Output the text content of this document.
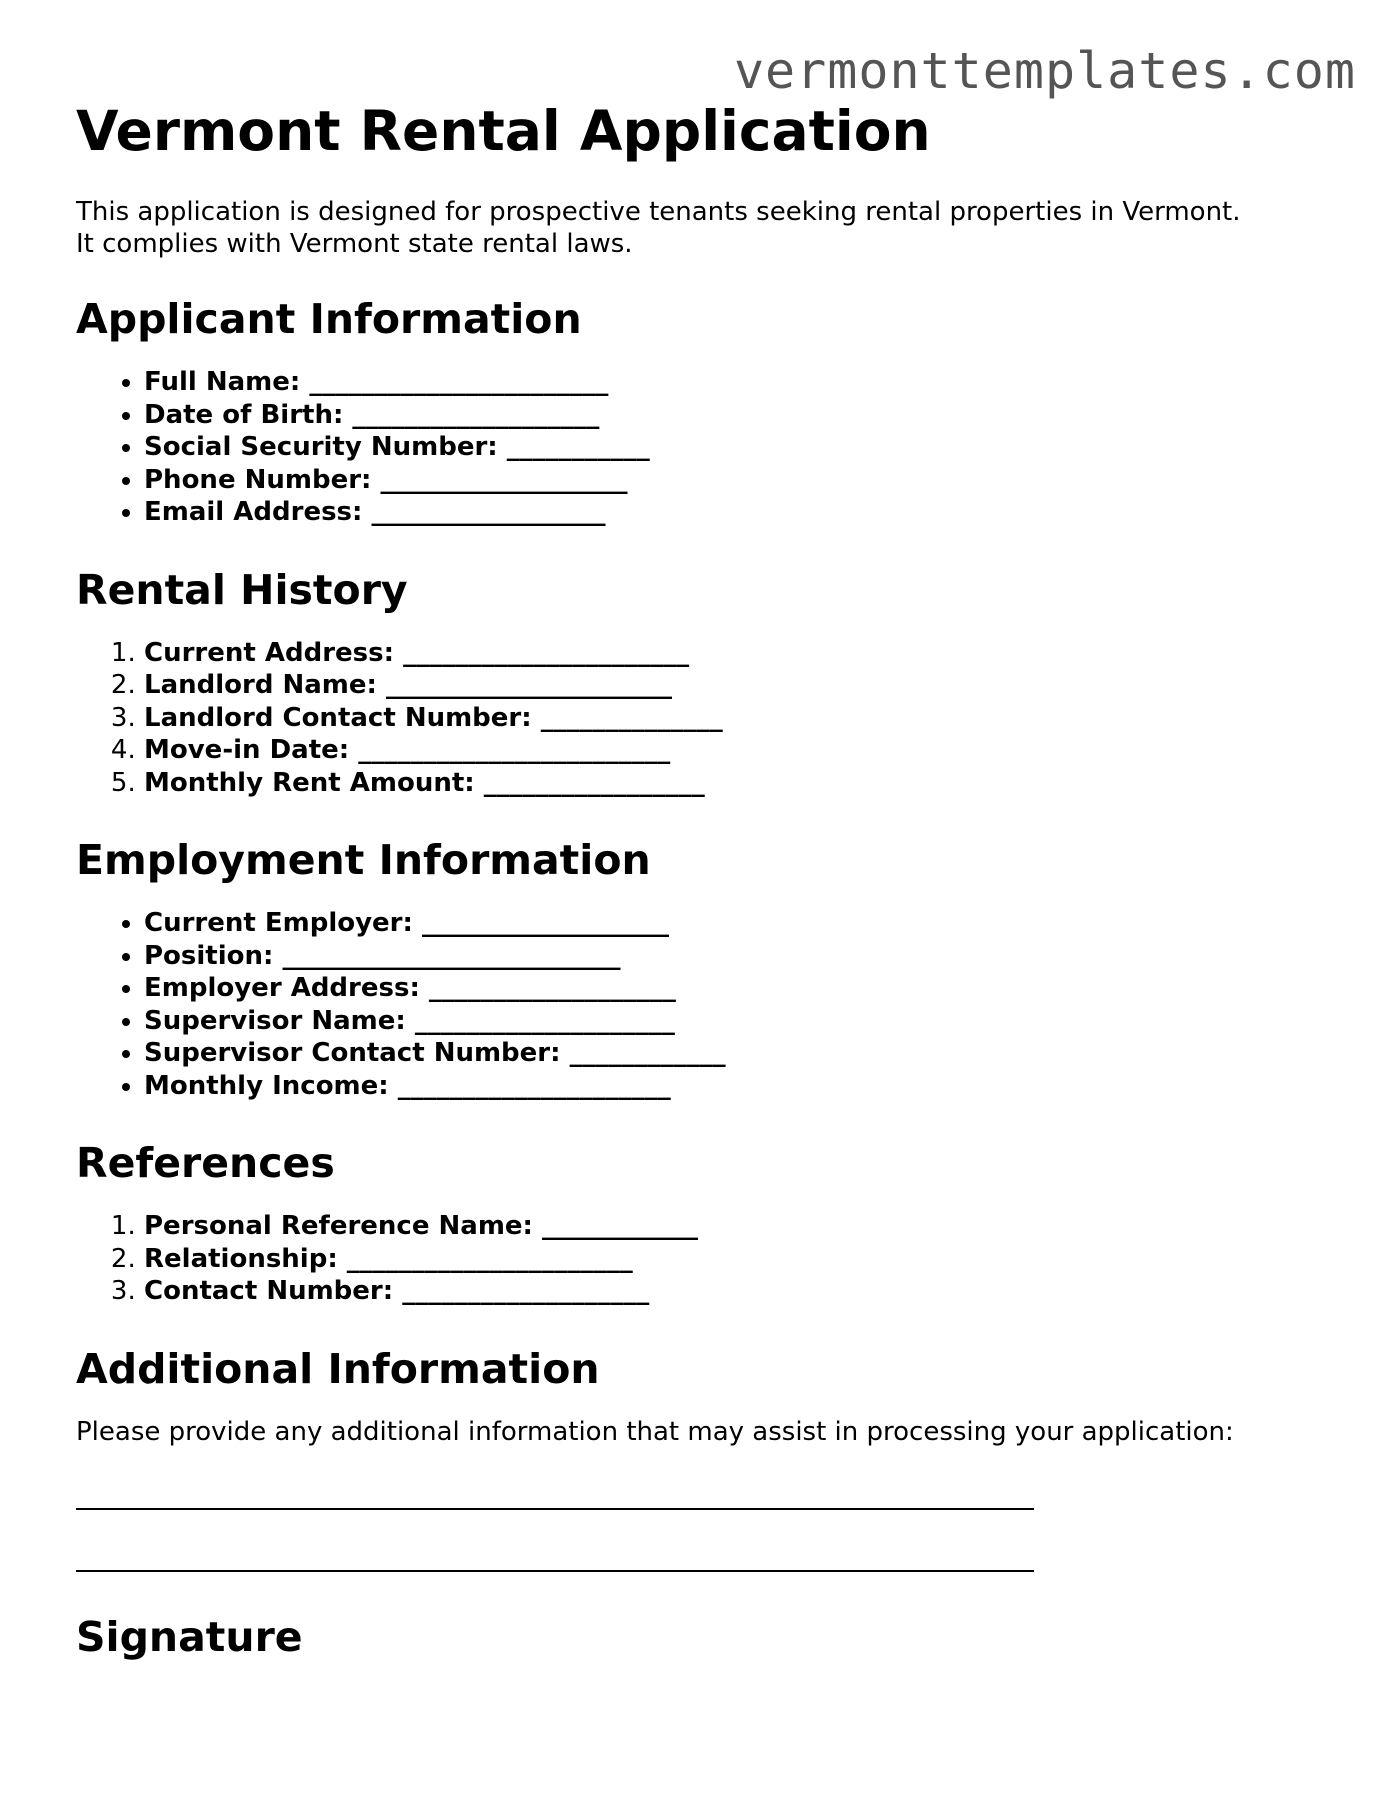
vermonttemplates.com
Vermont Rental Application

This application is designed for prospective tenants seeking rental properties in Vermont.
It complies with Vermont state rental laws.

Applicant Information
• Full Name: _______________________
• Date of Birth: ___________________
• Social Security Number: ___________
• Phone Number: ___________________
• Email Address: __________________
Rental History
1. Current Address: ______________________
2. Landlord Name: ______________________
3. Landlord Contact Number: ______________
4. Move-in Date: ________________________
5. Monthly Rent Amount: _________________
Employment Information
• Current Employer: ___________________
• Position: __________________________
• Employer Address: ___________________
• Supervisor Name: ____________________
• Supervisor Contact Number: ____________
• Monthly Income: _____________________
References
1. Personal Reference Name: ____________
2. Relationship: ______________________
3. Contact Number: ___________________
Additional Information

Please provide any additional information that may assist in processing your application:

Signature
